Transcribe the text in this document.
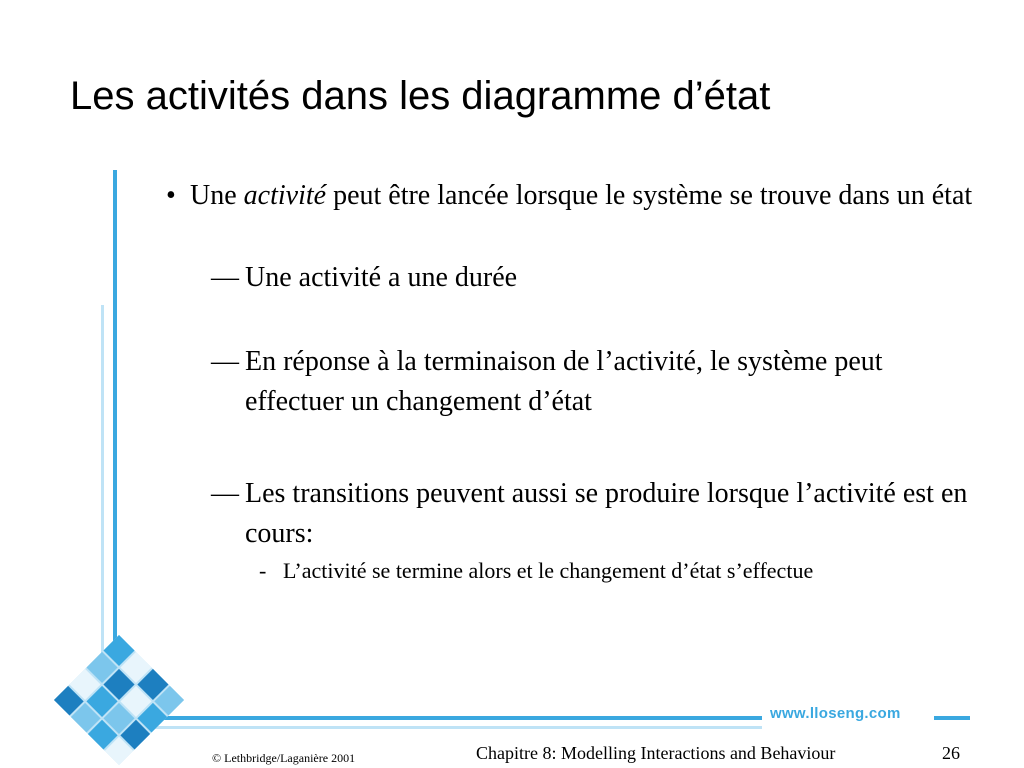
Les activités dans les diagramme d’état

• Une activité peut être lancée lorsque le système se trouve dans un état

— Une activité a une durée
— En réponse à la terminaison de l’activité, le système peut effectuer un changement d’état
— Les transitions peuvent aussi se produire lorsque l’activité est en cours:
- L’activité se termine alors et le changement d’état s’effectue
www.lloseng.com
© Lethbridge/Laganière 2001	Chapitre 8: Modelling Interactions and Behaviour	26
